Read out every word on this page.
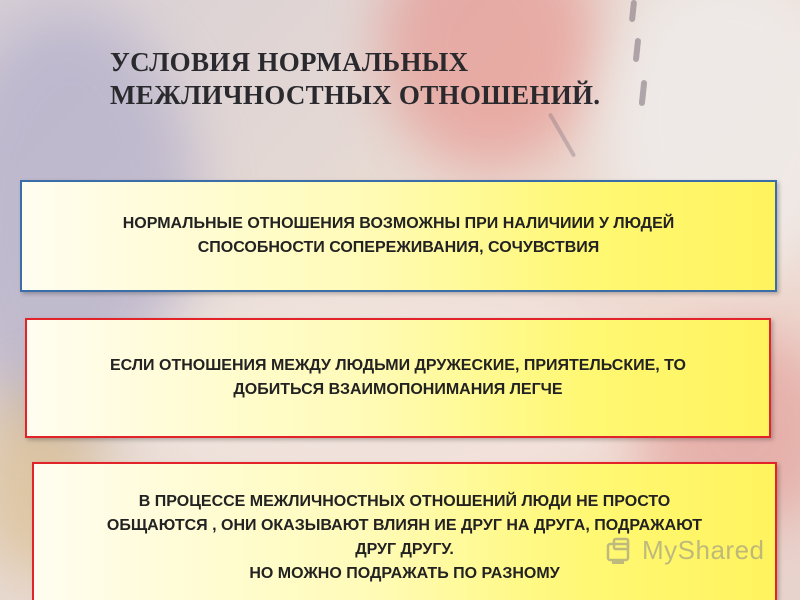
УСЛОВИЯ НОРМАЛЬНЫХ
МЕЖЛИЧНОСТНЫХ ОТНОШЕНИЙ.
НОРМАЛЬНЫЕ ОТНОШЕНИЯ ВОЗМОЖНЫ ПРИ НАЛИЧИИИ У ЛЮДЕЙ
СПОСОБНОСТИ СОПЕРЕЖИВАНИЯ, СОЧУВСТВИЯ
ЕСЛИ ОТНОШЕНИЯ МЕЖДУ ЛЮДЬМИ ДРУЖЕСКИЕ, ПРИЯТЕЛЬСКИЕ, ТО
ДОБИТЬСЯ ВЗАИМОПОНИМАНИЯ ЛЕГЧЕ

В ПРОЦЕССЕ МЕЖЛИЧНОСТНЫХ ОТНОШЕНИЙ ЛЮДИ НЕ ПРОСТО

ОБЩАЮТСЯ , ОНИ ОКАЗЫВАЮТ ВЛИЯН ИЕ ДРУГ НА ДРУГА, ПОДРАЖАЮТ

ДРУГ ДРУГУ.

НО МОЖНО ПОДРАЖАТЬ ПО РАЗНОМУ

MyShared
